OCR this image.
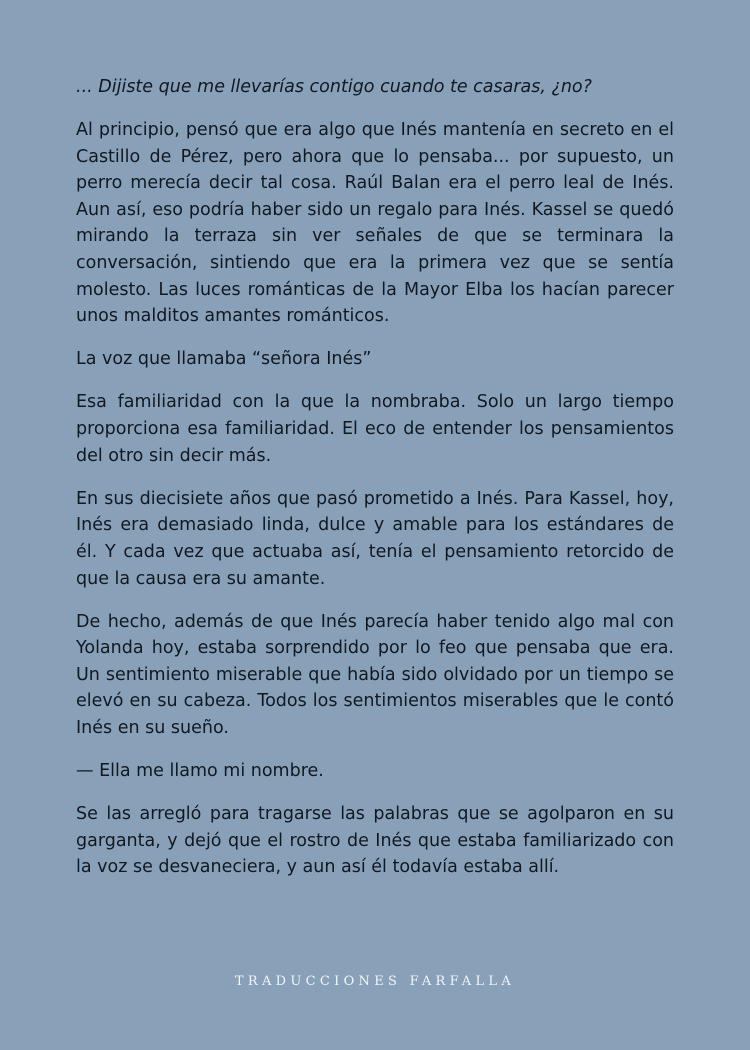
... Dijiste que me llevarías contigo cuando te casaras, ¿no?

Al principio, pensó que era algo que Inés mantenía en secreto en el Castillo de Pérez, pero ahora que lo pensaba... por supuesto, un perro merecía decir tal cosa. Raúl Balan era el perro leal de Inés. Aun así, eso podría haber sido un regalo para Inés. Kassel se quedó mirando la terraza sin ver señales de que se terminara la conversación, sintiendo que era la primera vez que se sentía molesto. Las luces románticas de la Mayor Elba los hacían parecer unos malditos amantes románticos.

La voz que llamaba “señora Inés”

Esa familiaridad con la que la nombraba. Solo un largo tiempo proporciona esa familiaridad. El eco de entender los pensamientos del otro sin decir más.

En sus diecisiete años que pasó prometido a Inés. Para Kassel, hoy, Inés era demasiado linda, dulce y amable para los estándares de él. Y cada vez que actuaba así, tenía el pensamiento retorcido de que la causa era su amante.

De hecho, además de que Inés parecía haber tenido algo mal con Yolanda hoy, estaba sorprendido por lo feo que pensaba que era. Un sentimiento miserable que había sido olvidado por un tiempo se elevó en su cabeza. Todos los sentimientos miserables que le contó Inés en su sueño.

— Ella me llamo mi nombre.

Se las arregló para tragarse las palabras que se agolparon en su garganta, y dejó que el rostro de Inés que estaba familiarizado con la voz se desvaneciera, y aun así él todavía estaba allí.

TRADUCCIONES FARFALLA
